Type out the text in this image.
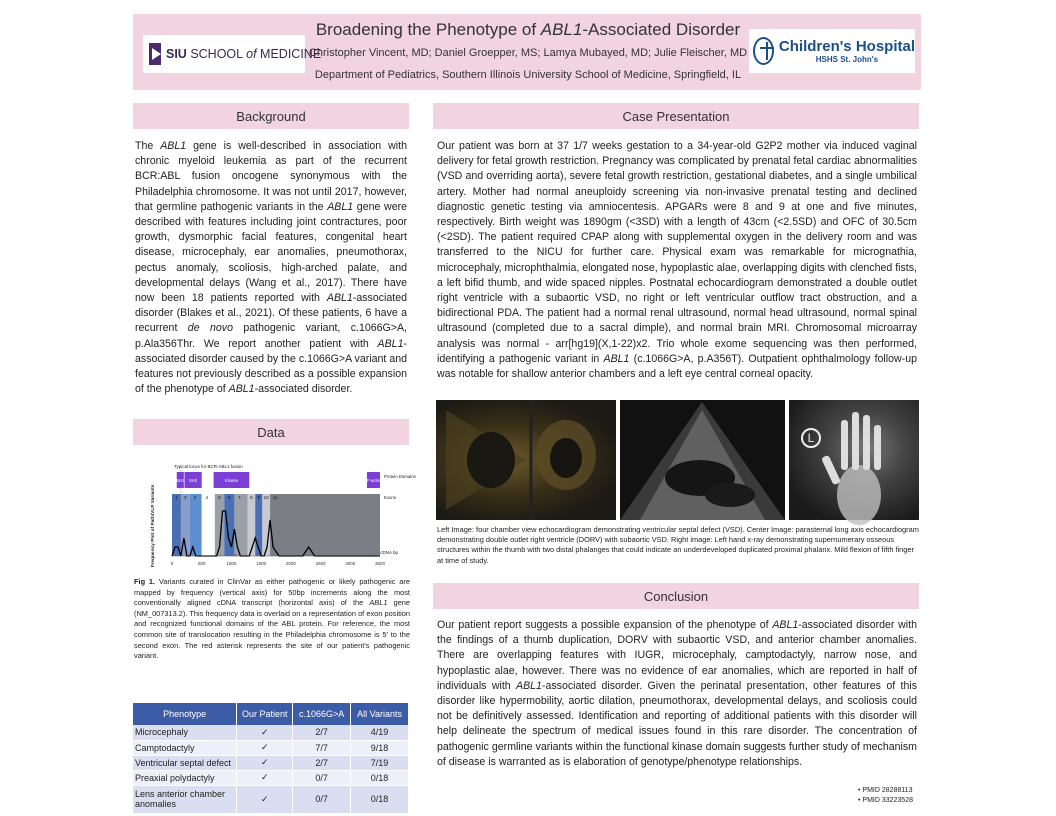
SIU SCHOOL of MEDICINE
Broadening the Phenotype of ABL1-Associated Disorder
Christopher Vincent, MD; Daniel Groepper, MS; Lamya Mubayed, MD; Julie Fleischer, MD
Department of Pediatrics, Southern Illinois University School of Medicine, Springfield, IL
Children's Hospital
HSHS St. John's
Background
The ABL1 gene is well-described in association with chronic myeloid leukemia as part of the recurrent BCR:ABL fusion oncogene synonymous with the Philadelphia chromosome. It was not until 2017, however, that germline pathogenic variants in the ABL1 gene were described with features including joint contractures, poor growth, dysmorphic facial features, congenital heart disease, microcephaly, ear anomalies, pneumothorax, pectus anomaly, scoliosis, high-arched palate, and developmental delays (Wang et al., 2017). There have now been 18 patients reported with ABL1-associated disorder (Blakes et al., 2021). Of these patients, 6 have a recurrent de novo pathogenic variant, c.1066G>A, p.Ala356Thr. We report another patient with ABL1-associated disorder caused by the c.1066G>A variant and features not previously described as a possible expansion of the phenotype of ABL1-associated disorder.
Data
Typical locus for BCR-ABL1 fusion
SH3 SH2	Kinase	F-actin
1 2 3 4 5 6 7 8 9 10 11
Protein Domains
Exons
*
0	500	1000	1500	2000	2500	3000	3500
cDNA bp
Frequency Plot of Path/VLP Variants
Fig 1. Variants curated in ClinVar as either pathogenic or likely pathogenic are mapped by frequency (vertical axis) for 50bp increments along the most conventionally aligned cDNA transcript (horizontal axis) of the ABL1 gene (NM_007313.2). This frequency data is overlaid on a representation of exon position and recognized functional domains of the ABL protein. For reference, the most common site of translocation resulting in the Philadelphia chromosome is 5' to the second exon. The red asterisk represents the site of our patient's pathogenic variant.
Phenotype	Our Patient	c.1066G>A	All Variants
Microcephaly	✓	2/7	4/19
Camptodactyly	✓	7/7	9/18
Ventricular septal defect	✓	2/7	7/19
Preaxial polydactyly	✓	0/7	0/18
Lens anterior chamber anomalies	✓	0/7	0/18
Case Presentation
Our patient was born at 37 1/7 weeks gestation to a 34-year-old G2P2 mother via induced vaginal delivery for fetal growth restriction. Pregnancy was complicated by prenatal fetal cardiac abnormalities (VSD and overriding aorta), severe fetal growth restriction, gestational diabetes, and a single umbilical artery. Mother had normal aneuploidy screening via non-invasive prenatal testing and declined diagnostic genetic testing via amniocentesis. APGARs were 8 and 9 at one and five minutes, respectively. Birth weight was 1890gm (<3SD) with a length of 43cm (<2.5SD) and OFC of 30.5cm (<2SD). The patient required CPAP along with supplemental oxygen in the delivery room and was transferred to the NICU for further care. Physical exam was remarkable for micrognathia, microcephaly, microphthalmia, elongated nose, hypoplastic alae, overlapping digits with clenched fists, a left bifid thumb, and wide spaced nipples. Postnatal echocardiogram demonstrated a double outlet right ventricle with a subaortic VSD, no right or left ventricular outflow tract obstruction, and a bidirectional PDA. The patient had a normal renal ultrasound, normal head ultrasound, normal spinal ultrasound (completed due to a sacral dimple), and normal brain MRI. Chromosomal microarray analysis was normal - arr[hg19](X,1-22)x2. Trio whole exome sequencing was then performed, identifying a pathogenic variant in ABL1 (c.1066G>A, p.A356T). Outpatient ophthalmology follow-up was notable for shallow anterior chambers and a left eye central corneal opacity.
L
Left Image: four chamber view echocardiogram demonstrating ventricular septal defect (VSD). Center Image: parasternal long axis echocardiogram demonstrating double outlet right ventricle (DORV) with subaortic VSD. Right image: Left hand x-ray demonstrating supernumerary osseous structures within the thumb with two distal phalanges that could indicate an underdeveloped duplicated proximal phalanx. Mild flexion of fifth finger at time of study.
Conclusion
Our patient report suggests a possible expansion of the phenotype of ABL1-associated disorder with the findings of a thumb duplication, DORV with subaortic VSD, and anterior chamber anomalies. There are overlapping features with IUGR, microcephaly, camptodactyly, narrow nose, and hypoplastic alae, however. There was no evidence of ear anomalies, which are reported in half of individuals with ABL1-associated disorder. Given the perinatal presentation, other features of this disorder like hypermobility, aortic dilation, pneumothorax, developmental delays, and scoliosis could not be definitively assessed. Identification and reporting of additional patients with this disorder will help delineate the spectrum of medical issues found in this rare disorder. The concentration of pathogenic germline variants within the functional kinase domain suggests further study of mechanism of disease is warranted as is elaboration of genotype/phenotype relationships.
• PMID 28288113
• PMID 33223528
